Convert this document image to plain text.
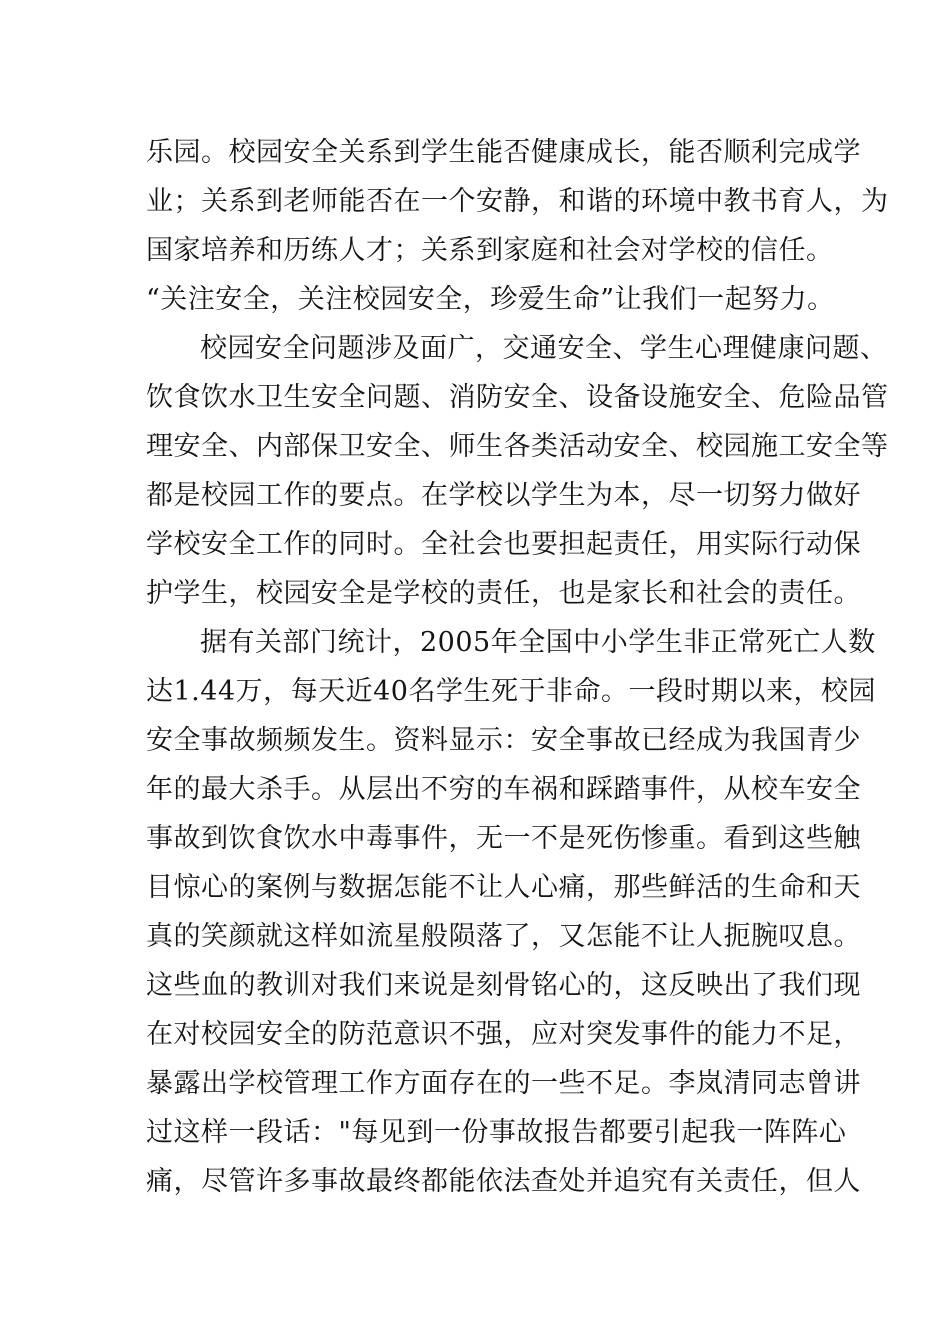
乐园。校园安全关系到学生能否健康成长，能否顺利完成学
业；关系到老师能否在一个安静，和谐的环境中教书育人，为
国家培养和历练人才；关系到家庭和社会对学校的信任。
“关注安全，关注校园安全，珍爱生命”让我们一起努力。
校园安全问题涉及面广，交通安全、学生心理健康问题、
饮食饮水卫生安全问题、消防安全、设备设施安全、危险品管
理安全、内部保卫安全、师生各类活动安全、校园施工安全等
都是校园工作的要点。在学校以学生为本，尽一切努力做好
学校安全工作的同时。全社会也要担起责任，用实际行动保
护学生，校园安全是学校的责任，也是家长和社会的责任。
据有关部门统计，2005年全国中小学生非正常死亡人数
达1.44万，每天近40名学生死于非命。一段时期以来，校园
安全事故频频发生。资料显示：安全事故已经成为我国青少
年的最大杀手。从层出不穷的车祸和踩踏事件，从校车安全
事故到饮食饮水中毒事件，无一不是死伤惨重。看到这些触
目惊心的案例与数据怎能不让人心痛，那些鲜活的生命和天
真的笑颜就这样如流星般陨落了，又怎能不让人扼腕叹息。
这些血的教训对我们来说是刻骨铭心的，这反映出了我们现
在对校园安全的防范意识不强，应对突发事件的能力不足，
暴露出学校管理工作方面存在的一些不足。李岚清同志曾讲
过这样一段话："每见到一份事故报告都要引起我一阵阵心
痛，尽管许多事故最终都能依法查处并追究有关责任，但人
